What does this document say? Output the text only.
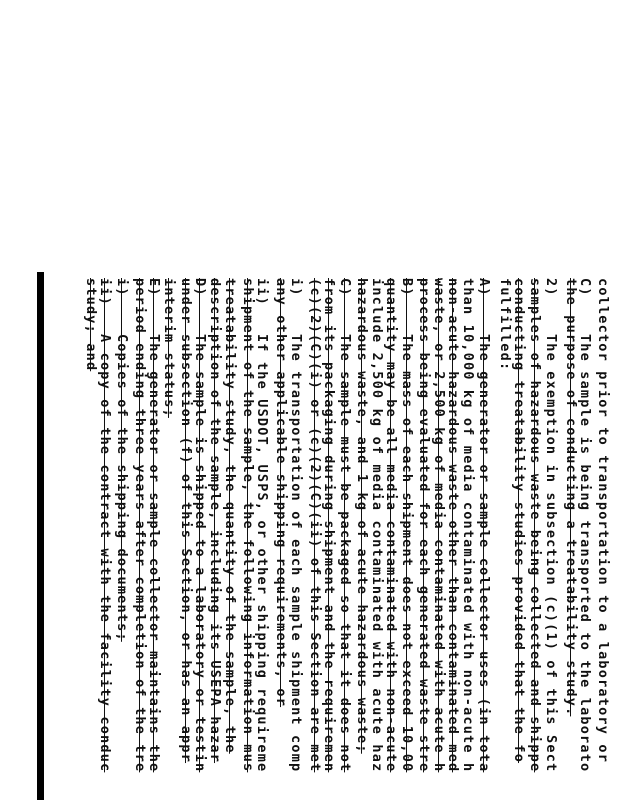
collector prior to transportation to a laboratory or
C)    The sample is being transported to the laborato
the purpose of conducting a treatability study.
2)    The exemption in subsection (c)(1) of this Sect
samples of hazardous waste being collected and shippe
conducting treatability studies provided that the fo
fulfilled:
A)    The generator or sample collector uses (in tota
than 10,000 kg of media contaminated with non-acute h
non-acute hazardous waste other than contaminated med
waste, or 2,500 kg of media contaminated with acute h
process being evaluated for each generated waste stre
B)    The mass of each shipment does not exceed 10,00
quantity may be all media contaminated with non-acute
include 2,500 kg of media contaminated with acute haz
hazardous waste, and 1 kg of acute hazardous waste;
C)    The sample must be packaged so that it does not
from its packaging during shipment and the requiremen
(c)(2)(C)(i) or (c)(2)(C)(ii) of this Section are met
i)    The transportation of each sample shipment comp
any other applicable shipping requirements, or
ii)   If the USDOT, USPS, or other shipping requireme
shipment of the sample, the following information mus
treatability study, the quantity of the sample, the
description of the sample, including its USEPA hazar
D)    The sample is shipped to a laboratory or testin
under subsection (f) of this Section, or has an appr
interim status;
E)    The generator or sample collector maintains the
period ending three years after completion of the tre
i)    Copies of the shipping documents;
ii)   A copy of the contract with the facility conduc
study; and
